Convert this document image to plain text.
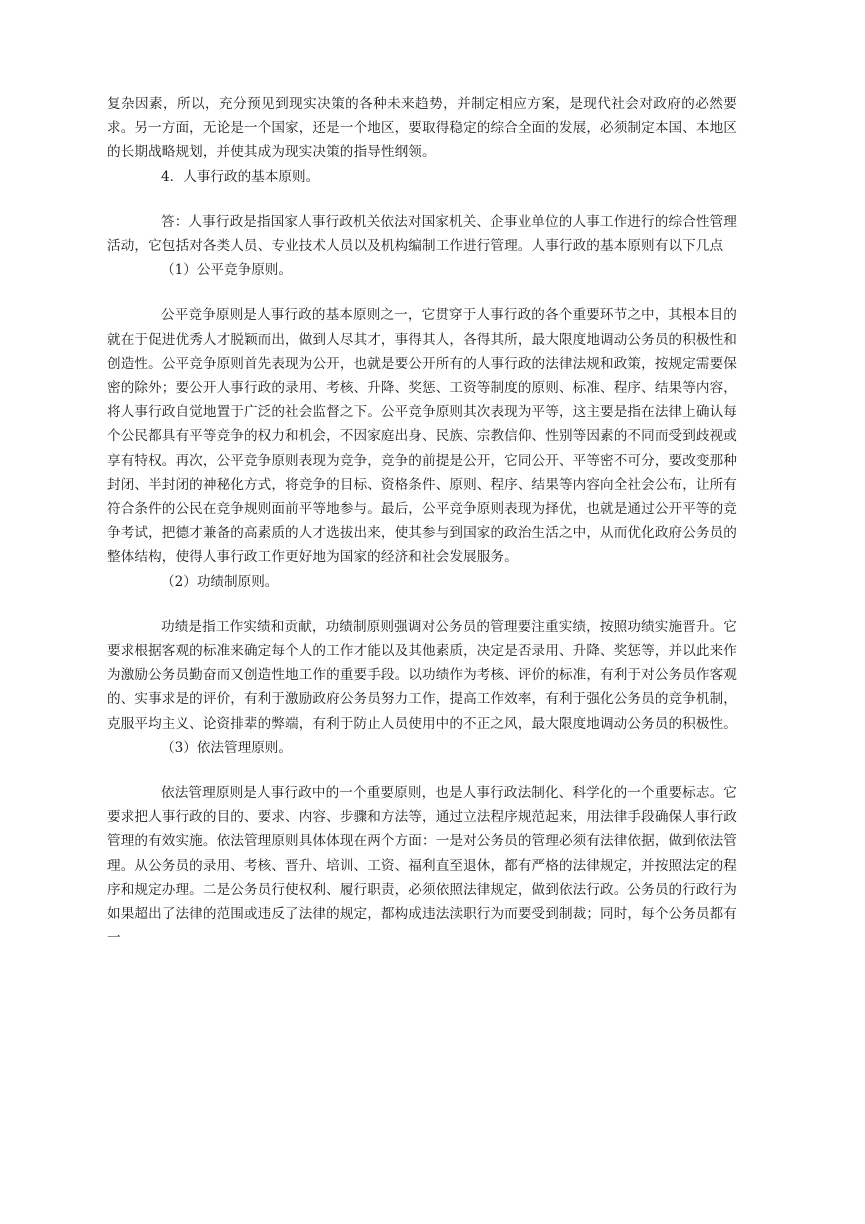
复杂因素，所以，充分预见到现实决策的各种未来趋势，并制定相应方案，是现代社会对政府的必然要求。另一方面，无论是一个国家，还是一个地区，要取得稳定的综合全面的发展，必须制定本国、本地区的长期战略规划，并使其成为现实决策的指导性纲领。

4．人事行政的基本原则。

答：人事行政是指国家人事行政机关依法对国家机关、企事业单位的人事工作进行的综合性管理活动，它包括对各类人员、专业技术人员以及机构编制工作进行管理。人事行政的基本原则有以下几点

（1）公平竞争原则。

公平竞争原则是人事行政的基本原则之一，它贯穿于人事行政的各个重要环节之中，其根本目的就在于促进优秀人才脱颖而出，做到人尽其才，事得其人，各得其所，最大限度地调动公务员的积极性和创造性。公平竞争原则首先表现为公开，也就是要公开所有的人事行政的法律法规和政策，按规定需要保密的除外；要公开人事行政的录用、考核、升降、奖惩、工资等制度的原则、标准、程序、结果等内容，将人事行政自觉地置于广泛的社会监督之下。公平竞争原则其次表现为平等，这主要是指在法律上确认每个公民都具有平等竞争的权力和机会，不因家庭出身、民族、宗教信仰、性别等因素的不同而受到歧视或享有特权。再次，公平竞争原则表现为竞争，竞争的前提是公开，它同公开、平等密不可分，要改变那种封闭、半封闭的神秘化方式，将竞争的目标、资格条件、原则、程序、结果等内容向全社会公布，让所有符合条件的公民在竞争规则面前平等地参与。最后，公平竞争原则表现为择优，也就是通过公开平等的竞争考试，把德才兼备的高素质的人才选拔出来，使其参与到国家的政治生活之中，从而优化政府公务员的整体结构，使得人事行政工作更好地为国家的经济和社会发展服务。

（2）功绩制原则。

功绩是指工作实绩和贡献，功绩制原则强调对公务员的管理要注重实绩，按照功绩实施晋升。它要求根据客观的标准来确定每个人的工作才能以及其他素质，决定是否录用、升降、奖惩等，并以此来作为激励公务员勤奋而又创造性地工作的重要手段。以功绩作为考核、评价的标准，有利于对公务员作客观的、实事求是的评价，有利于激励政府公务员努力工作，提高工作效率，有利于强化公务员的竞争机制，克服平均主义、论资排辈的弊端，有利于防止人员使用中的不正之风，最大限度地调动公务员的积极性。

（3）依法管理原则。

依法管理原则是人事行政中的一个重要原则，也是人事行政法制化、科学化的一个重要标志。它要求把人事行政的目的、要求、内容、步骤和方法等，通过立法程序规范起来，用法律手段确保人事行政管理的有效实施。依法管理原则具体体现在两个方面：一是对公务员的管理必须有法律依据，做到依法管理。从公务员的录用、考核、晋升、培训、工资、福利直至退休，都有严格的法律规定，并按照法定的程序和规定办理。二是公务员行使权利、履行职责，必须依照法律规定，做到依法行政。公务员的行政行为如果超出了法律的范围或违反了法律的规定，都构成违法渎职行为而要受到制裁；同时，每个公务员都有一
